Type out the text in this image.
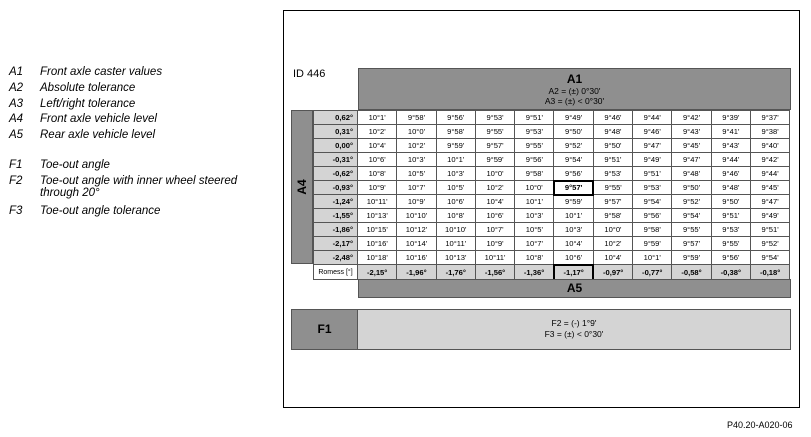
A1 Front axle caster values
A2 Absolute tolerance
A3 Left/right tolerance
A4 Front axle vehicle level
A5 Rear axle vehicle level
F1 Toe-out angle
F2 Toe-out angle with inner wheel steered through 20°
F3 Toe-out angle tolerance
ID 446	A1
A2 = (±) 0°30'
A3 = (±) < 0°30'
A4
0,62°	10°1'	9°58'	9°56'	9°53'	9°51'	9°49'	9°46'	9°44'	9°42'	9°39'	9°37'
0,31°	10°2'	10°0'	9°58'	9°55'	9°53'	9°50'	9°48'	9°46'	9°43'	9°41'	9°38'
0,00°	10°4'	10°2'	9°59'	9°57'	9°55'	9°52'	9°50'	9°47'	9°45'	9°43'	9°40'
-0,31°	10°6'	10°3'	10°1'	9°59'	9°56'	9°54'	9°51'	9°49'	9°47'	9°44'	9°42'
-0,62°	10°8'	10°5'	10°3'	10°0'	9°58'	9°56'	9°53'	9°51'	9°48'	9°46'	9°44'
-0,93°	10°9'	10°7'	10°5'	10°2'	10°0'	9°57'	9°55'	9°53'	9°50'	9°48'	9°45'
-1,24°	10°11'	10°9'	10°6'	10°4'	10°1'	9°59'	9°57'	9°54'	9°52'	9°50'	9°47'
-1,55°	10°13'	10°10'	10°8'	10°6'	10°3'	10°1'	9°58'	9°56'	9°54'	9°51'	9°49'
-1,86°	10°15'	10°12'	10°10'	10°7'	10°5'	10°3'	10°0'	9°58'	9°55'	9°53'	9°51'
-2,17°	10°16'	10°14'	10°11'	10°9'	10°7'	10°4'	10°2'	9°59'	9°57'	9°55'	9°52'
-2,48°	10°18'	10°16'	10°13'	10°11'	10°8'	10°6'	10°4'	10°1'	9°59'	9°56'	9°54'
Romess [°]	-2,15°	-1,96°	-1,76°	-1,56°	-1,36°	-1,17°	-0,97°	-0,77°	-0,58°	-0,38°	-0,18°
A5
F1	F2 = (-) 1°9'
F3 = (±) < 0°30'
P40.20-A020-06
